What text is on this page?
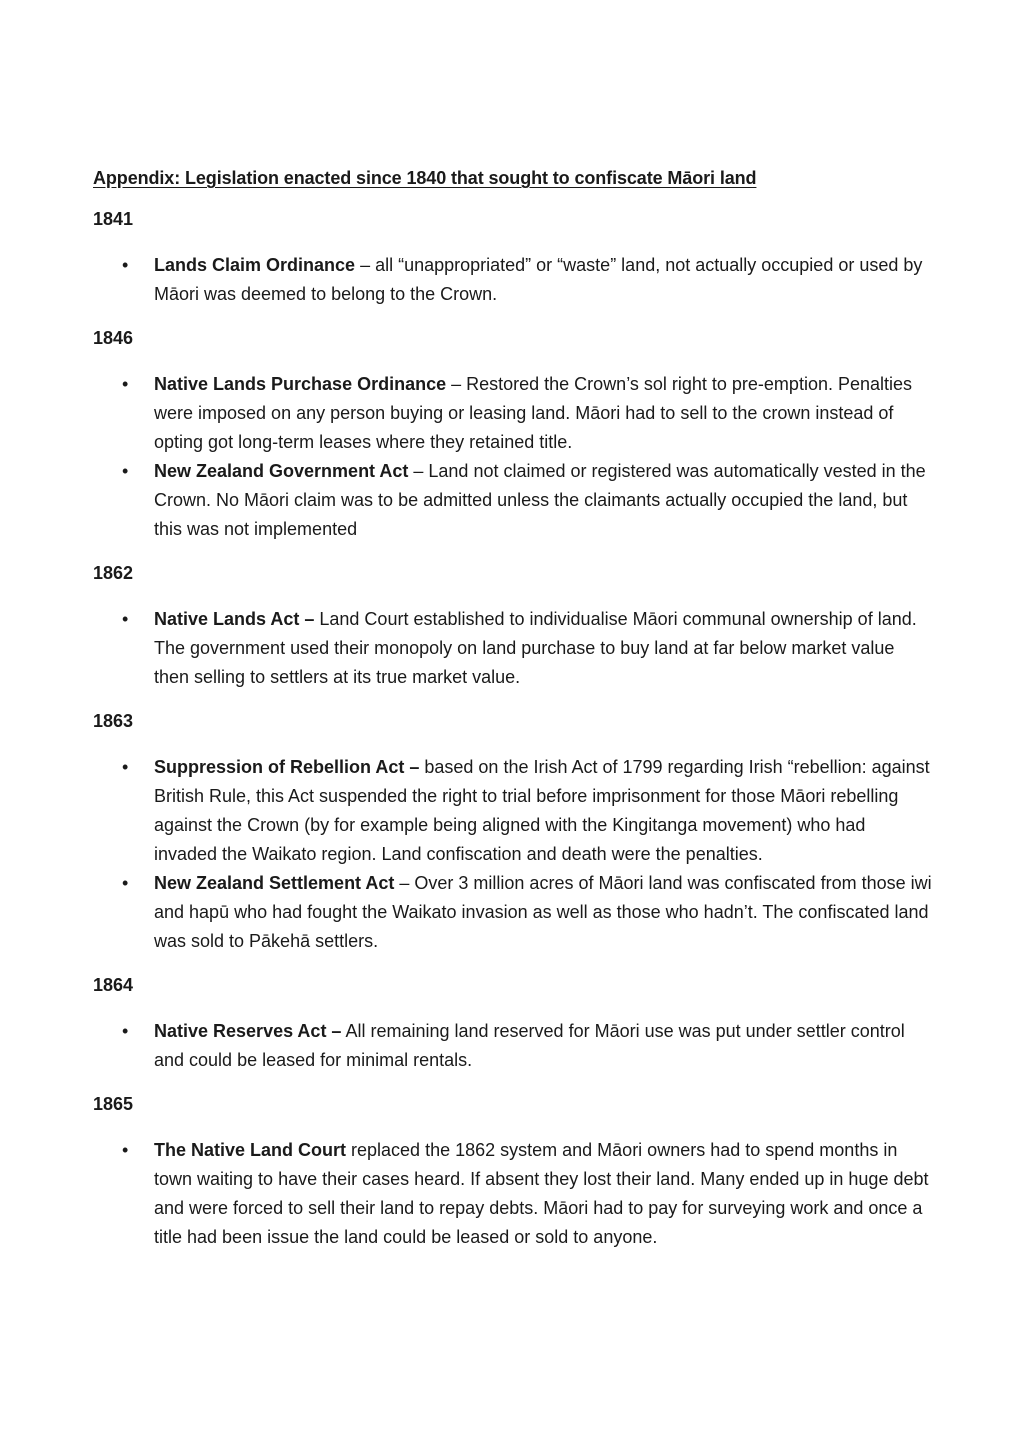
Appendix: Legislation enacted since 1840 that sought to confiscate Māori land
1841
• Lands Claim Ordinance – all “unappropriated” or “waste” land, not actually occupied or used by Māori was deemed to belong to the Crown.
1846
• Native Lands Purchase Ordinance – Restored the Crown’s sol right to pre-emption. Penalties were imposed on any person buying or leasing land. Māori had to sell to the crown instead of opting got long-term leases where they retained title.
• New Zealand Government Act – Land not claimed or registered was automatically vested in the Crown. No Māori claim was to be admitted unless the claimants actually occupied the land, but this was not implemented
1862
• Native Lands Act – Land Court established to individualise Māori communal ownership of land. The government used their monopoly on land purchase to buy land at far below market value then selling to settlers at its true market value.
1863
• Suppression of Rebellion Act – based on the Irish Act of 1799 regarding Irish “rebellion: against British Rule, this Act suspended the right to trial before imprisonment for those Māori rebelling against the Crown (by for example being aligned with the Kingitanga movement) who had invaded the Waikato region. Land confiscation and death were the penalties.
• New Zealand Settlement Act – Over 3 million acres of Māori land was confiscated from those iwi and hapū who had fought the Waikato invasion as well as those who hadn’t. The confiscated land was sold to Pākehā settlers.
1864
• Native Reserves Act – All remaining land reserved for Māori use was put under settler control and could be leased for minimal rentals.
1865
• The Native Land Court replaced the 1862 system and Māori owners had to spend months in town waiting to have their cases heard. If absent they lost their land. Many ended up in huge debt and were forced to sell their land to repay debts. Māori had to pay for surveying work and once a title had been issue the land could be leased or sold to anyone.
